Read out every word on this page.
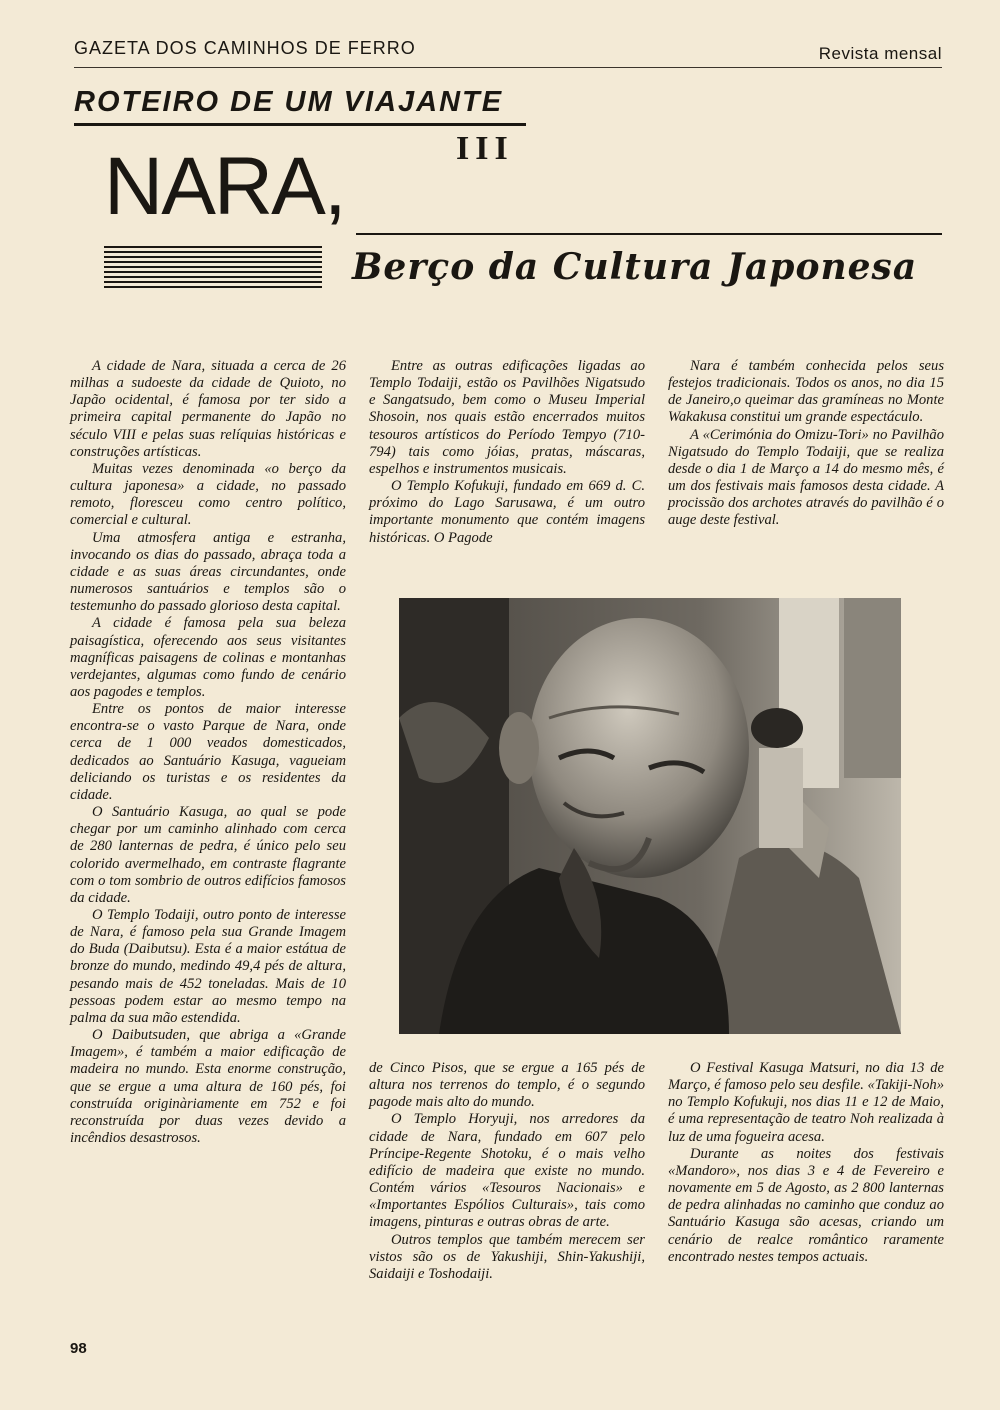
GAZETA DOS CAMINHOS DE FERRO	Revista mensal
ROTEIRO DE UM VIAJANTE
III
NARA,
Berço da Cultura Japonesa

A cidade de Nara, situada a cerca de 26 milhas a sudoeste da cidade de Quioto, no Japão ocidental, é famosa por ter sido a primeira capital permanente do Japão no século VIII e pelas suas relíquias históricas e construções artísticas.

Muitas vezes denominada «o berço da cultura japonesa» a cidade, no passado remoto, floresceu como centro político, comercial e cultural.

Uma atmosfera antiga e estranha, invocando os dias do passado, abraça toda a cidade e as suas áreas circundantes, onde numerosos santuários e templos são o testemunho do passado glorioso desta capital.

A cidade é famosa pela sua beleza paisagística, oferecendo aos seus visitantes magníficas paisagens de colinas e montanhas verdejantes, algumas como fundo de cenário aos pagodes e templos.

Entre os pontos de maior interesse encontra-se o vasto Parque de Nara, onde cerca de 1 000 veados domesticados, dedicados ao Santuário Kasuga, vagueiam deliciando os turistas e os residentes da cidade.

O Santuário Kasuga, ao qual se pode chegar por um caminho alinhado com cerca de 280 lanternas de pedra, é único pelo seu colorido avermelhado, em contraste flagrante com o tom sombrio de outros edifícios famosos da cidade.

O Templo Todaiji, outro ponto de interesse de Nara, é famoso pela sua Grande Imagem do Buda (Daibutsu). Esta é a maior estátua de bronze do mundo, medindo 49,4 pés de altura, pesando mais de 452 toneladas. Mais de 10 pessoas podem estar ao mesmo tempo na palma da sua mão estendida.

O Daibutsuden, que abriga a «Grande Imagem», é também a maior edificação de madeira no mundo. Esta enorme construção, que se ergue a uma altura de 160 pés, foi construída originàriamente em 752 e foi reconstruída por duas vezes devido a incêndios desastrosos.

Entre as outras edificações ligadas ao Templo Todaiji, estão os Pavilhões Nigatsudo e Sangatsudo, bem como o Museu Imperial Shosoin, nos quais estão encerrados muitos tesouros artísticos do Período Tempyo (710-794) tais como jóias, pratas, máscaras, espelhos e instrumentos musicais.

O Templo Kofukuji, fundado em 669 d. C. próximo do Lago Sarusawa, é um outro importante monumento que contém imagens históricas. O Pagode

Nara é também conhecida pelos seus festejos tradicionais. Todos os anos, no dia 15 de Janeiro,o queimar das gramíneas no Monte Wakakusa constitui um grande espectáculo.

A «Cerimónia do Omizu-Tori» no Pavilhão Nigatsudo do Templo Todaiji, que se realiza desde o dia 1 de Março a 14 do mesmo mês, é um dos festivais mais famosos desta cidade. A procissão dos archotes através do pavilhão é o auge deste festival.

de Cinco Pisos, que se ergue a 165 pés de altura nos terrenos do templo, é o segundo pagode mais alto do mundo.

O Templo Horyuji, nos arredores da cidade de Nara, fundado em 607 pelo Príncipe-Regente Shotoku, é o mais velho edifício de madeira que existe no mundo. Contém vários «Tesouros Nacionais» e «Importantes Espólios Culturais», tais como imagens, pinturas e outras obras de arte.

Outros templos que também merecem ser vistos são os de Yakushiji, Shin-Yakushiji, Saidaiji e Toshodaiji.

O Festival Kasuga Matsuri, no dia 13 de Março, é famoso pelo seu desfile. «Takiji-Noh» no Templo Kofukuji, nos dias 11 e 12 de Maio, é uma representação de teatro Noh realizada à luz de uma fogueira acesa.

Durante as noites dos festivais «Mandoro», nos dias 3 e 4 de Fevereiro e novamente em 5 de Agosto, as 2 800 lanternas de pedra alinhadas no caminho que conduz ao Santuário Kasuga são acesas, criando um cenário de realce romântico raramente encontrado nestes tempos actuais.

98
